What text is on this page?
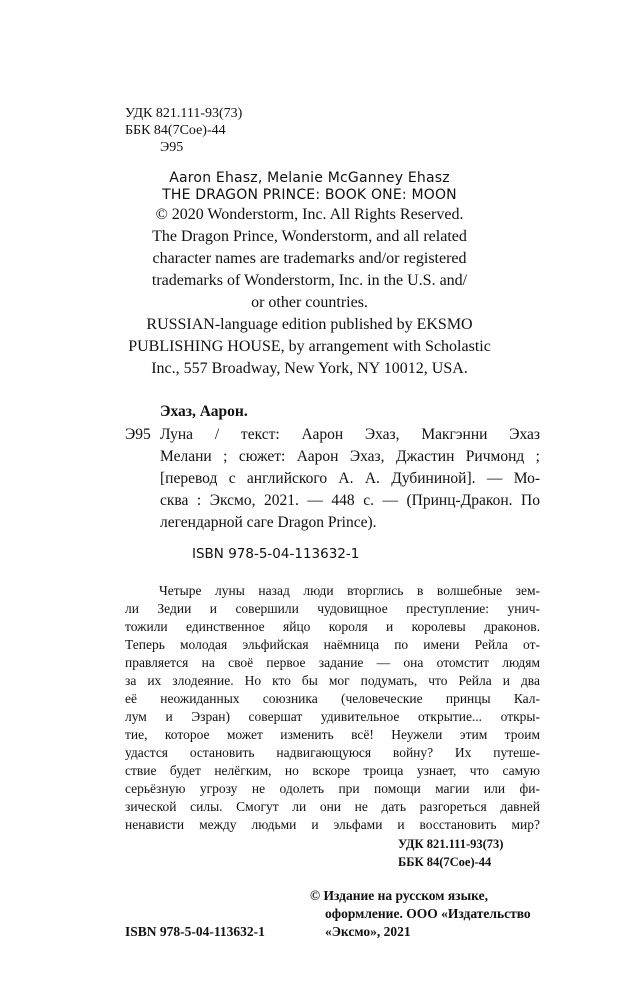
УДК 821.111-93(73)
ББК 84(7Сое)-44
Э95
Aaron Ehasz, Melanie McGanney Ehasz
THE DRAGON PRINCE: BOOK ONE: MOON
© 2020 Wonderstorm, Inc. All Rights Reserved.
The Dragon Prince, Wonderstorm, and all related
character names are trademarks and/or registered
trademarks of Wonderstorm, Inc. in the U.S. and/
or other countries.
RUSSIAN-language edition published by EKSMO
PUBLISHING HOUSE, by arrangement with Scholastic
Inc., 557 Broadway, New York, NY 10012, USA.
Эхаз, Аарон.
Э95 Луна / текст: Аарон Эхаз, Макгэнни Эхаз
Мелани ; сюжет: Аарон Эхаз, Джастин Ричмонд ;
[перевод с английского А. А. Дубининой]. — Мо-
сква : Эксмо, 2021. — 448 с. — (Принц-Дракон. По
легендарной саге Dragon Prince).
ISBN 978-5-04-113632-1
Четыре луны назад люди вторглись в волшебные зем-
ли Зедии и совершили чудовищное преступление: унич-
тожили единственное яйцо короля и королевы драконов.
Теперь молодая эльфийская наёмница по имени Рейла от-
правляется на своё первое задание — она отомстит людям
за их злодеяние. Но кто бы мог подумать, что Рейла и два
её неожиданных союзника (человеческие принцы Кал-
лум и Эзран) совершат удивительное открытие... откры-
тие, которое может изменить всё! Неужели этим троим
удастся остановить надвигающуюся войну? Их путеше-
ствие будет нелёгким, но вскоре троица узнает, что самую
серьёзную угрозу не одолеть при помощи магии или фи-
зической силы. Смогут ли они не дать разгореться давней
ненависти между людьми и эльфами и восстановить мир?
УДК 821.111-93(73)
ББК 84(7Сое)-44
© Издание на русском языке,
оформление. ООО «Издательство
«Эксмо», 2021
ISBN 978-5-04-113632-1
